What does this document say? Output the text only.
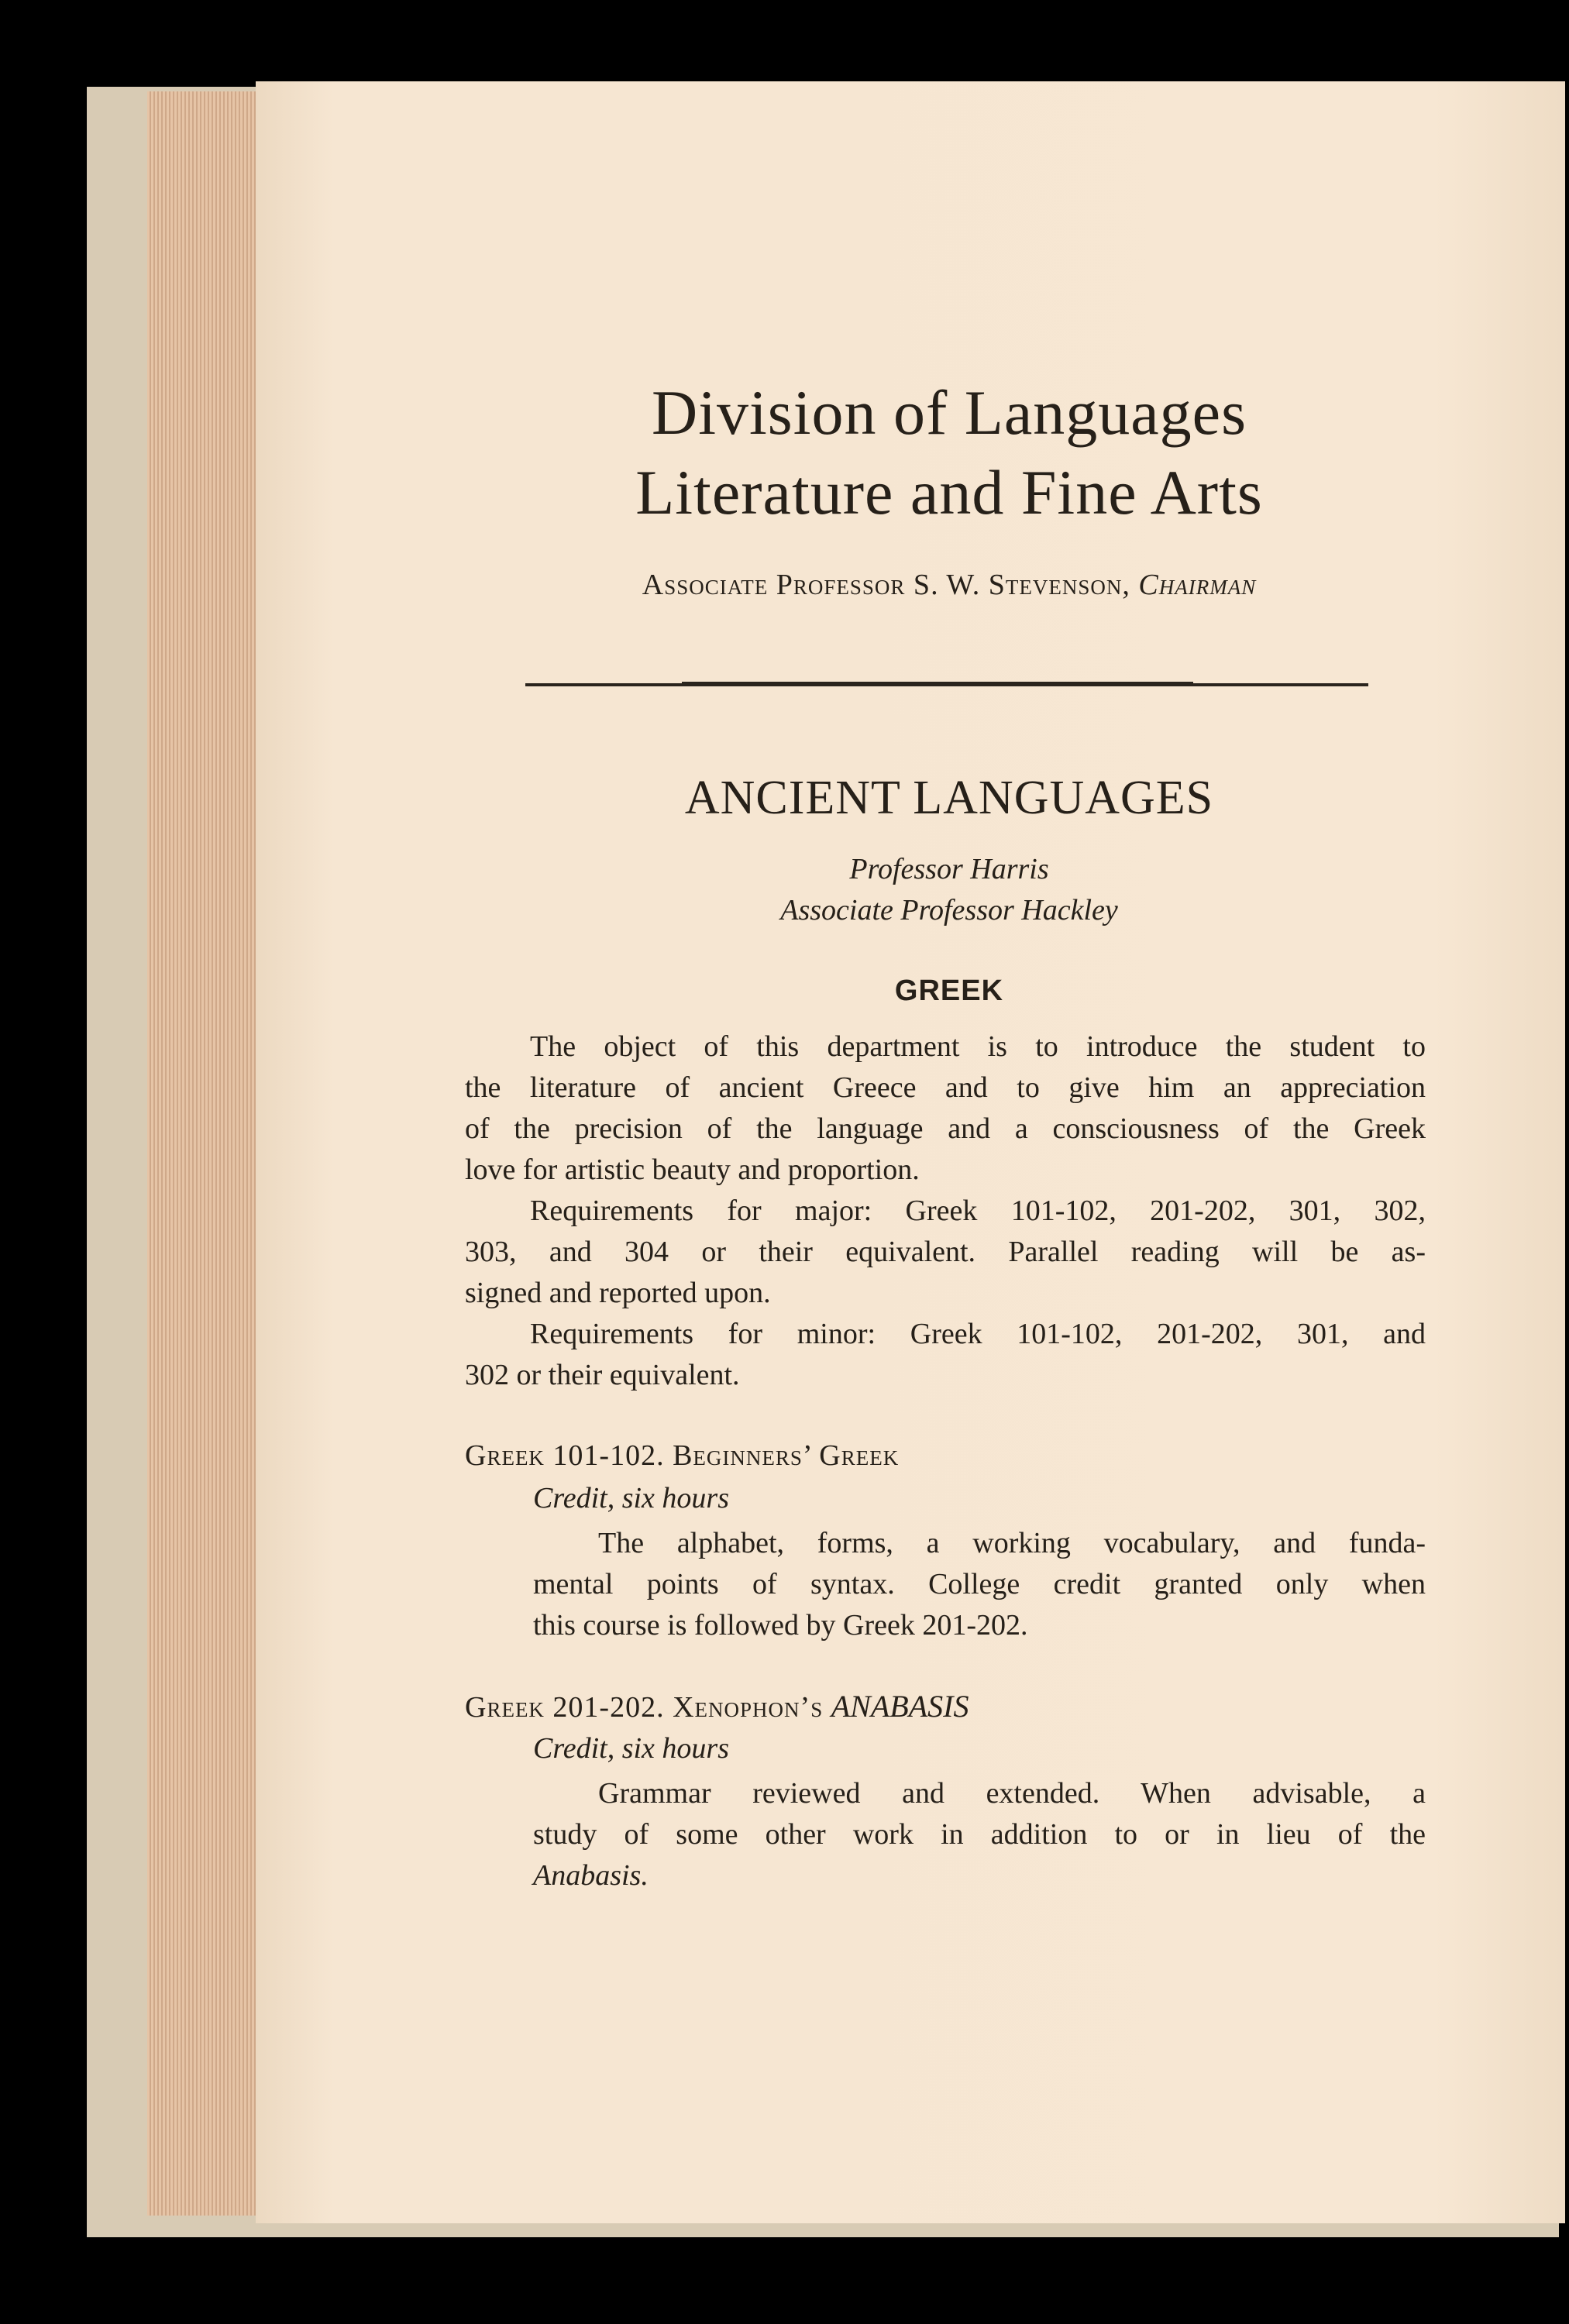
Division of Languages
Literature and Fine Arts

Associate Professor S. W. Stevenson, Chairman

ANCIENT LANGUAGES

Professor Harris

Associate Professor Hackley

GREEK

The object of this department is to introduce the student to
the literature of ancient Greece and to give him an appreciation
of the precision of the language and a consciousness of the Greek
love for artistic beauty and proportion.

Requirements for major: Greek 101-102, 201-202, 301, 302,
303, and 304 or their equivalent. Parallel reading will be as-
signed and reported upon.

Requirements for minor: Greek 101-102, 201-202, 301, and
302 or their equivalent.

Greek 101-102. Beginners’ Greek

Credit, six hours

The alphabet, forms, a working vocabulary, and funda-
mental points of syntax. College credit granted only when
this course is followed by Greek 201-202.

Greek 201-202. Xenophon’s ANABASIS

Credit, six hours

Grammar reviewed and extended. When advisable, a
study of some other work in addition to or in lieu of the
Anabasis.
